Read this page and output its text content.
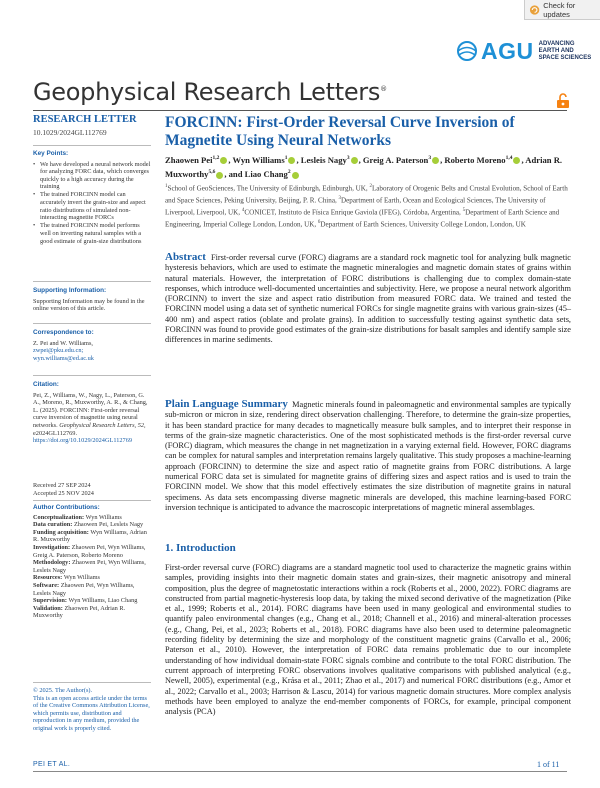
Check for updates
AGU ADVANCING
EARTH AND
SPACE SCIENCES
Geophysical Research Letters®
RESEARCH LETTER
10.1029/2024GL112769
Key Points:
• We have developed a neural network model for analyzing FORC data, which converges quickly to a high accuracy during the training
• The trained FORCINN model can accurately invert the grain-size and aspect ratio distributions of simulated non-interacting magnetite FORCs
• The trained FORCINN model performs well on inverting natural samples with a good estimate of grain-size distributions
Supporting Information:
Supporting Information may be found in the online version of this article.
Correspondence to:
Z. Pei and W. Williams,
zwpei@pku.edu.cn;
wyn.williams@ed.ac.uk
Citation:
Pei, Z., Williams, W., Nagy, L., Paterson, G. A., Moreno, R., Muxworthy, A. R., & Chang, L. (2025). FORCINN: First-order reversal curve inversion of magnetite using neural networks. Geophysical Research Letters, 52, e2024GL112769. https://doi.org/10.1029/2024GL112769
Received 27 SEP 2024
Accepted 25 NOV 2024
Author Contributions:
Conceptualization: Wyn Williams
Data curation: Zhaowen Pei, Lesleis Nagy
Funding acquisition: Wyn Williams, Adrian R. Muxworthy
Investigation: Zhaowen Pei, Wyn Williams, Greig A. Paterson, Roberto Moreno
Methodology: Zhaowen Pei, Wyn Williams, Lesleis Nagy
Resources: Wyn Williams
Software: Zhaowen Pei, Wyn Williams, Lesleis Nagy
Supervision: Wyn Williams, Liao Chang
Validation: Zhaowen Pei, Adrian R. Muxworthy
© 2025. The Author(s).
This is an open access article under the terms of the Creative Commons Attribution License, which permits use, distribution and reproduction in any medium, provided the original work is properly cited.
FORCINN: First-Order Reversal Curve Inversion of Magnetite Using Neural Networks
Zhaowen Pei$^{1,2}$ , Wyn Williams$^1$ , Lesleis Nagy$^3$ , Greig A. Paterson$^3$ , Roberto Moreno$^{1,4}$ , Adrian R. Muxworthy$^{5,6}$ , and Liao Chang$^2$
$^1$School of GeoSciences, The University of Edinburgh, Edinburgh, UK, $^2$Laboratory of Orogenic Belts and Crustal Evolution, School of Earth and Space Sciences, Peking University, Beijing, P. R. China, $^3$Department of Earth, Ocean and Ecological Sciences, The University of Liverpool, Liverpool, UK, $^4$CONICET, Instituto de Física Enrique Gaviola (IFEG), Córdoba, Argentina, $^5$Department of Earth Science and Engineering, Imperial College London, London, UK, $^6$Department of Earth Sciences, University College London, London, UK
Abstract First-order reversal curve (FORC) diagrams are a standard rock magnetic tool for analyzing bulk magnetic hysteresis behaviors, which are used to estimate the magnetic mineralogies and magnetic domain states of grains within natural materials. However, the interpretation of FORC distributions is challenging due to complex domain-state responses, which introduce well-documented uncertainties and subjectivity. Here, we propose a neural network algorithm (FORCINN) to invert the size and aspect ratio distribution from measured FORC data. We trained and tested the FORCINN model using a data set of synthetic numerical FORCs for single magnetite grains with various grain-sizes (45–400 nm) and aspect ratios (oblate and prolate grains). In addition to successfully testing against synthetic data sets, FORCINN was found to provide good estimates of the grain-size distributions for basalt samples and identify sample size differences in marine sediments.
Plain Language Summary Magnetic minerals found in paleomagnetic and environmental samples are typically sub-micron or micron in size, rendering direct observation challenging. Therefore, to determine the grain-size properties, it has been standard practice for many decades to magnetically measure bulk samples, and to interpret their response in terms of the grain-size magnetic characteristics. One of the most sophisticated methods is the first-order reversal curve (FORC) diagram, which measures the change in net magnetization in a varying external field. However, FORC diagrams can be complex for natural samples and interpretation remains largely qualitative. This study proposes a machine-learning approach (FORCINN) to determine the size and aspect ratio of magnetite grains from FORC distributions. A large numerical FORC data set is simulated for magnetite grains of differing sizes and aspect ratios and is used to train the FORCINN model. We show that this model effectively estimates the size distribution of magnetite grains in natural specimens. As data sets encompassing diverse magnetic minerals are developed, this machine learning-based FORC inversion technique is anticipated to advance the macroscopic interpretations of magnetic mineral assemblages.
1. Introduction
First-order reversal curve (FORC) diagrams are a standard magnetic tool used to characterize the magnetic grains within samples, providing insights into their magnetic domain states and grain-sizes, their magnetic anisotropy and mineral composition, plus the degree of magnetostatic interactions within a rock (Roberts et al., 2000, 2022). FORC diagrams are constructed from partial magnetic-hysteresis loop data, by taking the mixed second derivative of the magnetization (Pike et al., 1999; Roberts et al., 2014). FORC diagrams have been used in many geological and environmental studies to quantify paleo environmental changes (e.g., Chang et al., 2018; Channell et al., 2016) and mineral-alteration processes (e.g., Chang, Pei, et al., 2023; Roberts et al., 2018). FORC diagrams have also been used to determine paleomagnetic recording fidelity by determining the size and morphology of the constituent magnetic grains (Carvallo et al., 2006; Paterson et al., 2010). However, the interpretation of FORC data remains problematic due to our incomplete understanding of how individual domain-state FORC signals combine and contribute to the total FORC distribution. The current approach of interpreting FORC observations involves qualitative comparisons with published analytical (e.g., Newell, 2005), experimental (e.g., Krása et al., 2011; Zhao et al., 2017) and numerical FORC distributions (e.g., Amor et al., 2022; Carvallo et al., 2003; Harrison & Lascu, 2014) for various magnetic domain structures. More complex analysis methods have been employed to analyze the end-member components of FORCs, for example, principal component analysis (PCA)
PEI ET AL.	1 of 11
